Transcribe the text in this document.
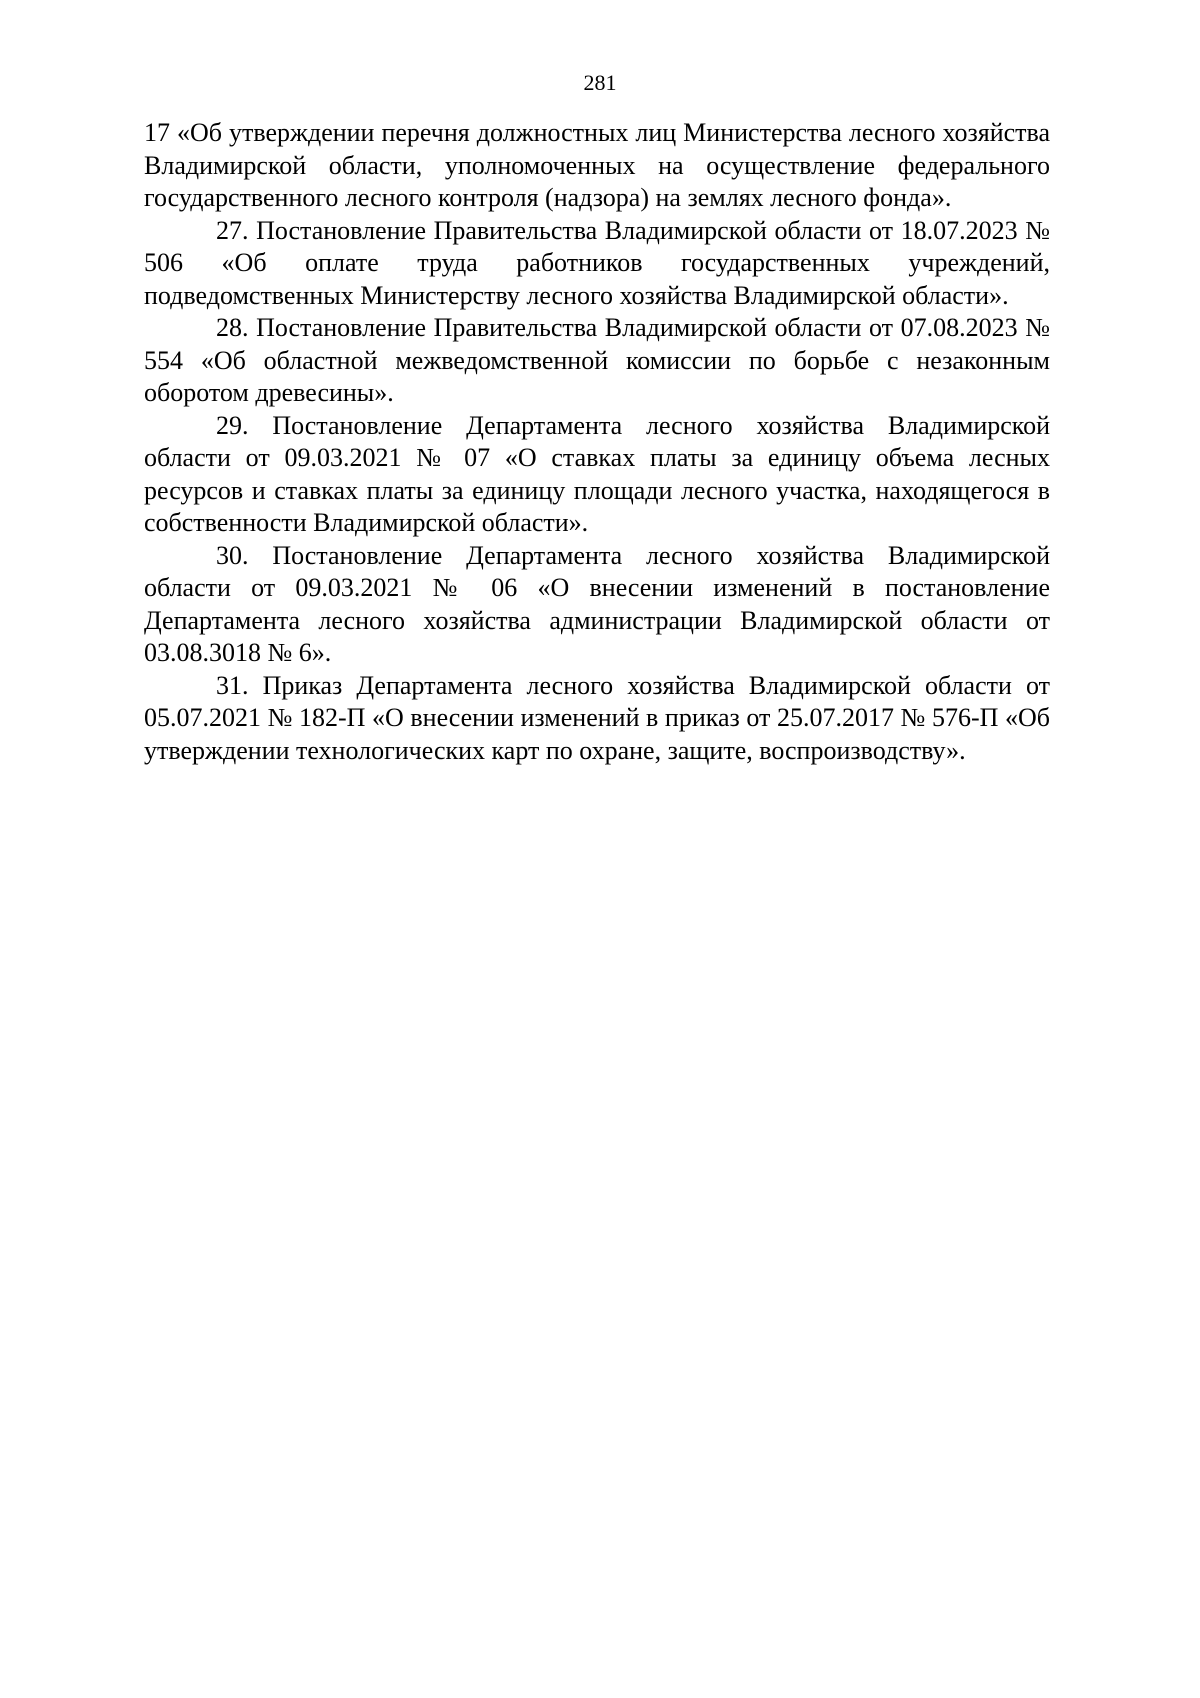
281

17 «Об утверждении перечня должностных лиц Министерства лесного хозяйства Владимирской области, уполномоченных на осуществление федерального государственного лесного контроля (надзора) на землях лесного фонда».

27. Постановление Правительства Владимирской области от 18.07.2023 № 506 «Об оплате труда работников государственных учреждений, подведомственных Министерству лесного хозяйства Владимирской области».

28. Постановление Правительства Владимирской области от 07.08.2023 № 554 «Об областной межведомственной комиссии по борьбе с незаконным оборотом древесины».

29. Постановление Департамента лесного хозяйства Владимирской области от 09.03.2021 № 07 «О ставках платы за единицу объема лесных ресурсов и ставках платы за единицу площади лесного участка, находящегося в собственности Владимирской области».

30. Постановление Департамента лесного хозяйства Владимирской области от 09.03.2021 № 06 «О внесении изменений в постановление Департамента лесного хозяйства администрации Владимирской области от 03.08.3018 № 6».

31. Приказ Департамента лесного хозяйства Владимирской области от 05.07.2021 № 182-П «О внесении изменений в приказ от 25.07.2017 № 576-П «Об утверждении технологических карт по охране, защите, воспроизводству».
